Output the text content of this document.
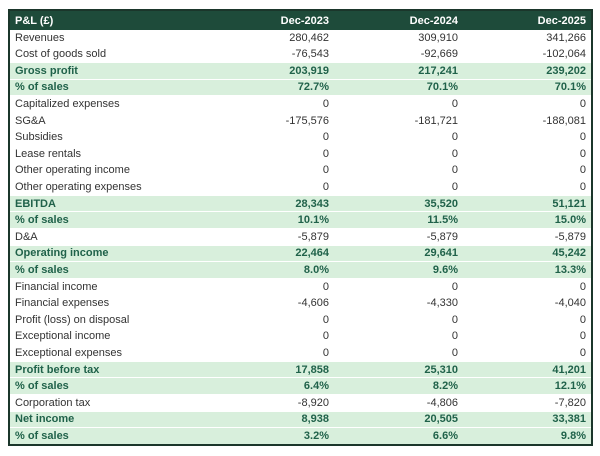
P&L (£)	Dec-2023	Dec-2024	Dec-2025
Revenues	280,462	309,910	341,266
Cost of goods sold	-76,543	-92,669	-102,064
Gross profit	203,919	217,241	239,202
% of sales	72.7%	70.1%	70.1%
Capitalized expenses	0	0	0
SG&A	-175,576	-181,721	-188,081
Subsidies	0	0	0
Lease rentals	0	0	0
Other operating income	0	0	0
Other operating expenses	0	0	0
EBITDA	28,343	35,520	51,121
% of sales	10.1%	11.5%	15.0%
D&A	-5,879	-5,879	-5,879
Operating income	22,464	29,641	45,242
% of sales	8.0%	9.6%	13.3%
Financial income	0	0	0
Financial expenses	-4,606	-4,330	-4,040
Profit (loss) on disposal	0	0	0
Exceptional income	0	0	0
Exceptional expenses	0	0	0
Profit before tax	17,858	25,310	41,201
% of sales	6.4%	8.2%	12.1%
Corporation tax	-8,920	-4,806	-7,820
Net income	8,938	20,505	33,381
% of sales	3.2%	6.6%	9.8%
